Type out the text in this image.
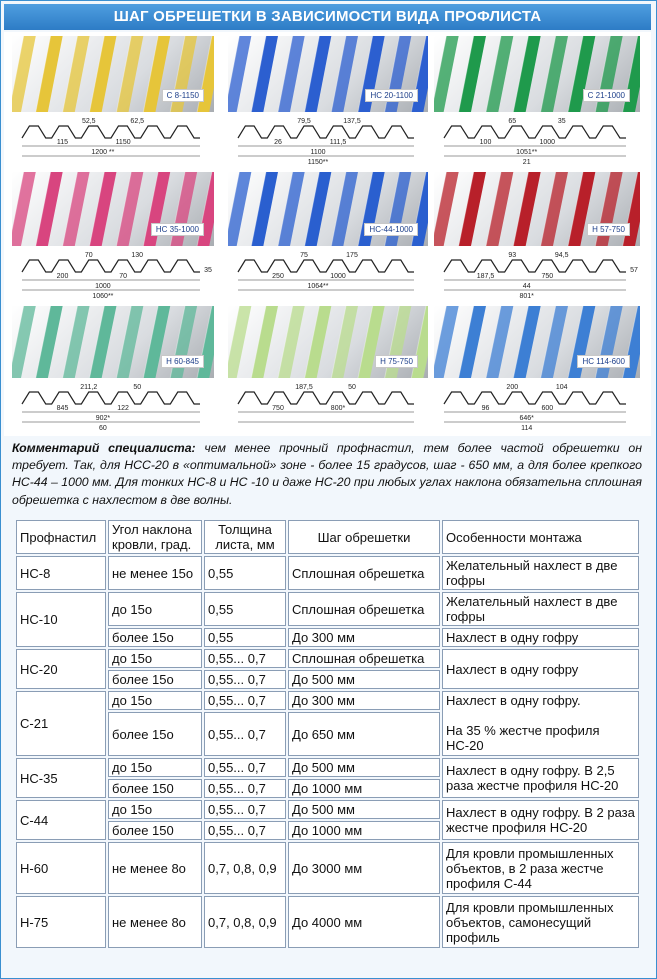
ШАГ ОБРЕШЕТКИ В ЗАВИСИМОСТИ ВИДА ПРОФЛИСТА
С 8-1150
52,5	62,5
115	1150
1200 **
НС 20-1100
79,5	137,5
26	111,5
1100
1150**
С 21-1000
65	35
100	1000
1051**
21
НС 35-1000
70	130
200	70
1000
1060**
35
НС-44-1000
75	175
250	1000
1064**
Н 57-750
93	94,5
187,5	750
44
801*
57
Н 60-845
211,2	50
845	122
902*
60
Н 75-750
187,5	50
750	800*
НС 114-600
200	104
96	600
646*
114
Комментарий специалиста: чем менее прочный профнастил, тем более частой обрешетки он требует. Так, для НСС-20 в «оптимальной» зоне - более 15 градусов, шаг - 650 мм, а для более крепкого НС-44 – 1000 мм. Для тонких НС-8 и НС -10 и даже НС-20 при любых углах наклона обязательна сплошная обрешетка с нахлестом в две волны.
Профнастил	Угол наклона кровли, град.	Толщина листа, мм	Шаг обрешетки	Особенности монтажа
НС-8	не менее 15о	0,55	Сплошная обрешетка	Желательный нахлест в две гофры
НС-10	до 15о	0,55	Сплошная обрешетка	Желательный нахлест в две гофры
	более 15о	0,55	До 300 мм	Нахлест в одну гофру
НС-20	до 15о	0,55... 0,7	Сплошная обрешетка	Нахлест в одну гофру
	более 15о	0,55... 0,7	До 500 мм	
С-21	до 15о	0,55... 0,7	До 300 мм	Нахлест в одну гофру.

На 35 % жестче профиля НС-20
	более 15о	0,55... 0,7	До 650 мм	
НС-35	до 15о	0,55... 0,7	До 500 мм	Нахлест в одну гофру. В 2,5 раза жестче профиля НС-20
	более 150	0,55... 0,7	До 1000 мм	
С-44	до 15о	0,55... 0,7	До 500 мм	Нахлест в одну гофру. В 2 раза жестче профиля НС-20
	более 150	0,55... 0,7	До 1000 мм	
Н-60	не менее 8о	0,7, 0,8, 0,9	До 3000 мм	Для кровли промышленных объектов, в 2 раза жестче профиля С-44
Н-75	не менее 8о	0,7, 0,8, 0,9	До 4000 мм	Для кровли промышленных объектов, самонесущий профиль
